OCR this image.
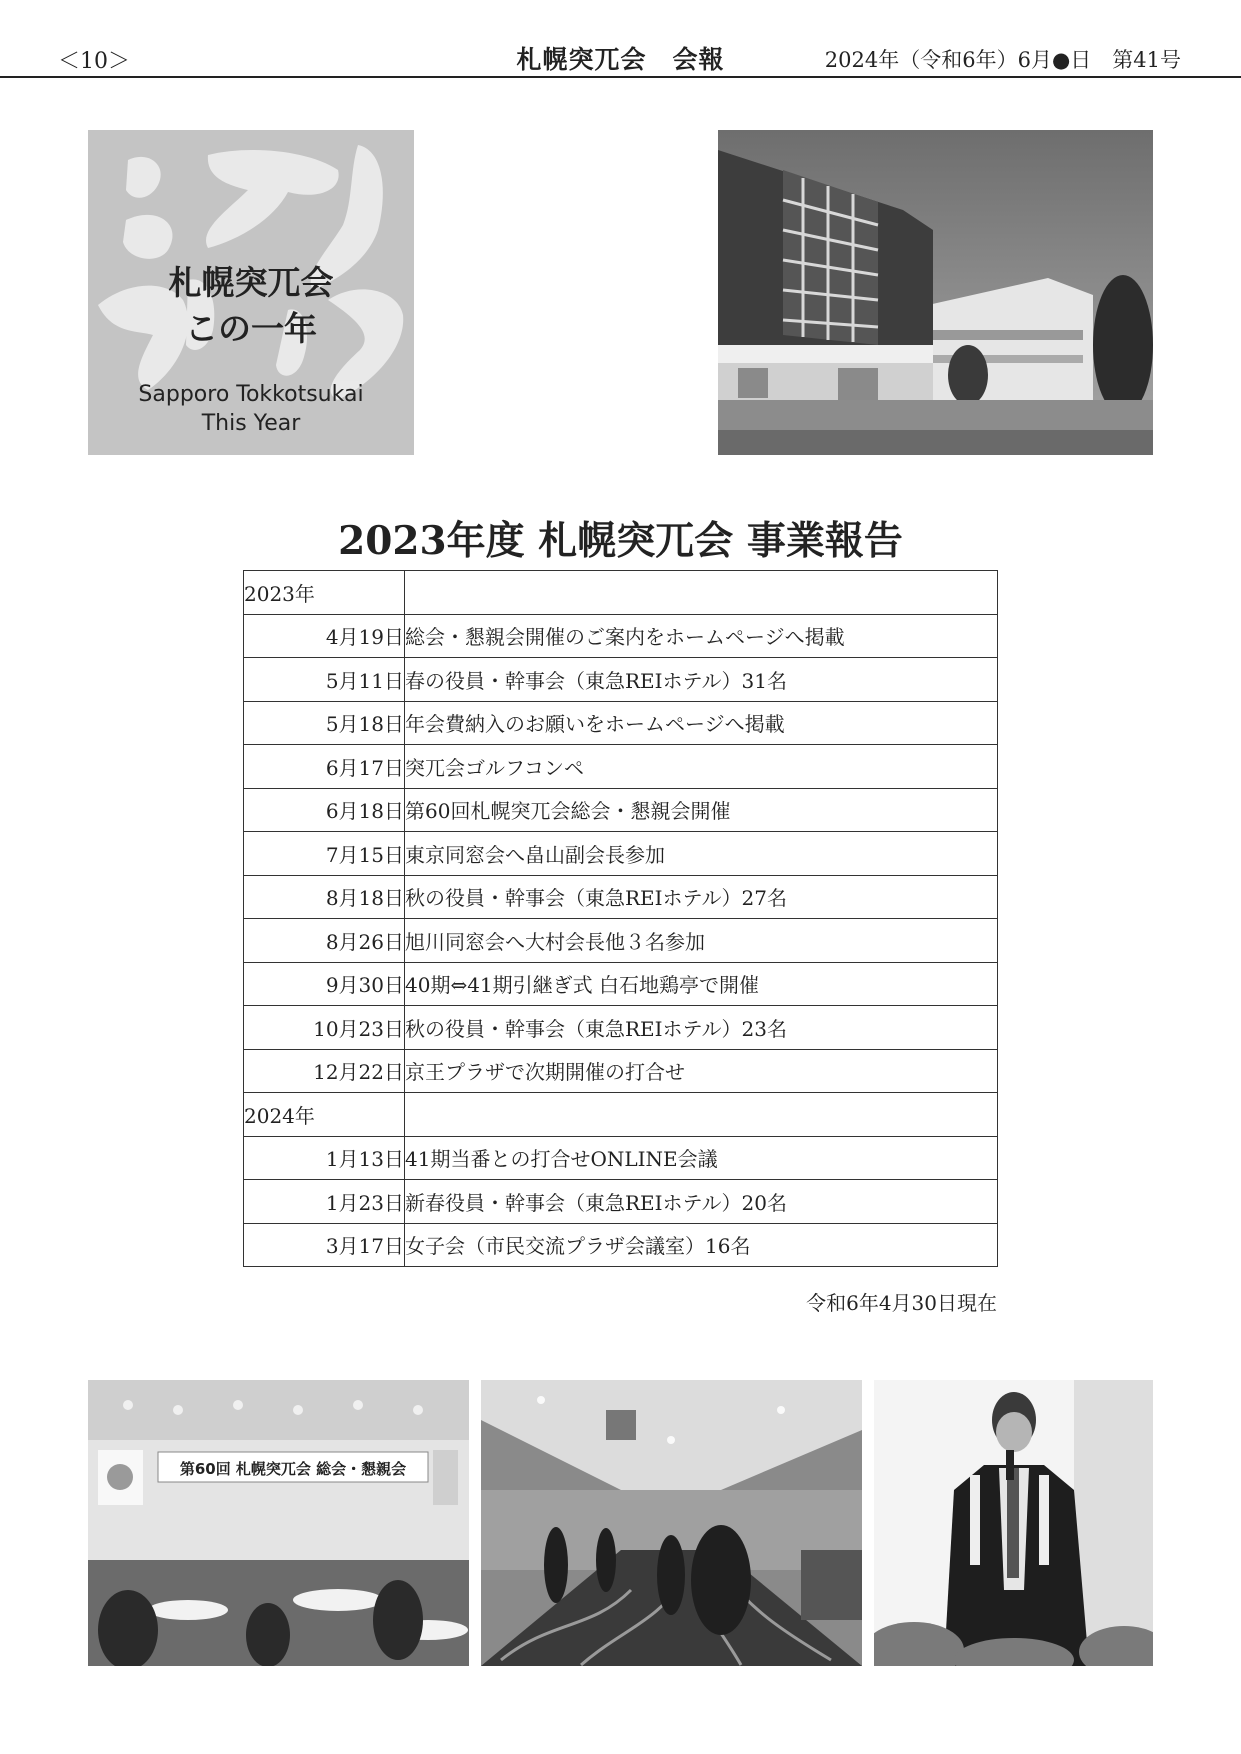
＜10＞	札幌突兀会　会報	2024年（令和6年）6月●日　第41号
札幌突兀会
この一年
Sapporo Tokkotsukai
This Year
2023年度 札幌突兀会 事業報告
2023年	
4月19日	総会・懇親会開催のご案内をホームページへ掲載
5月11日	春の役員・幹事会（東急REIホテル）31名
5月18日	年会費納入のお願いをホームページへ掲載
6月17日	突兀会ゴルフコンペ
6月18日	第60回札幌突兀会総会・懇親会開催
7月15日	東京同窓会へ畠山副会長参加
8月18日	秋の役員・幹事会（東急REIホテル）27名
8月26日	旭川同窓会へ大村会長他３名参加
9月30日	40期⇔41期引継ぎ式 白石地鶏亭で開催
10月23日	秋の役員・幹事会（東急REIホテル）23名
12月22日	京王プラザで次期開催の打合せ
2024年	
1月13日	41期当番との打合せONLINE会議
1月23日	新春役員・幹事会（東急REIホテル）20名
3月17日	女子会（市民交流プラザ会議室）16名
令和6年4月30日現在
第60回 札幌突兀会 総会・懇親会
